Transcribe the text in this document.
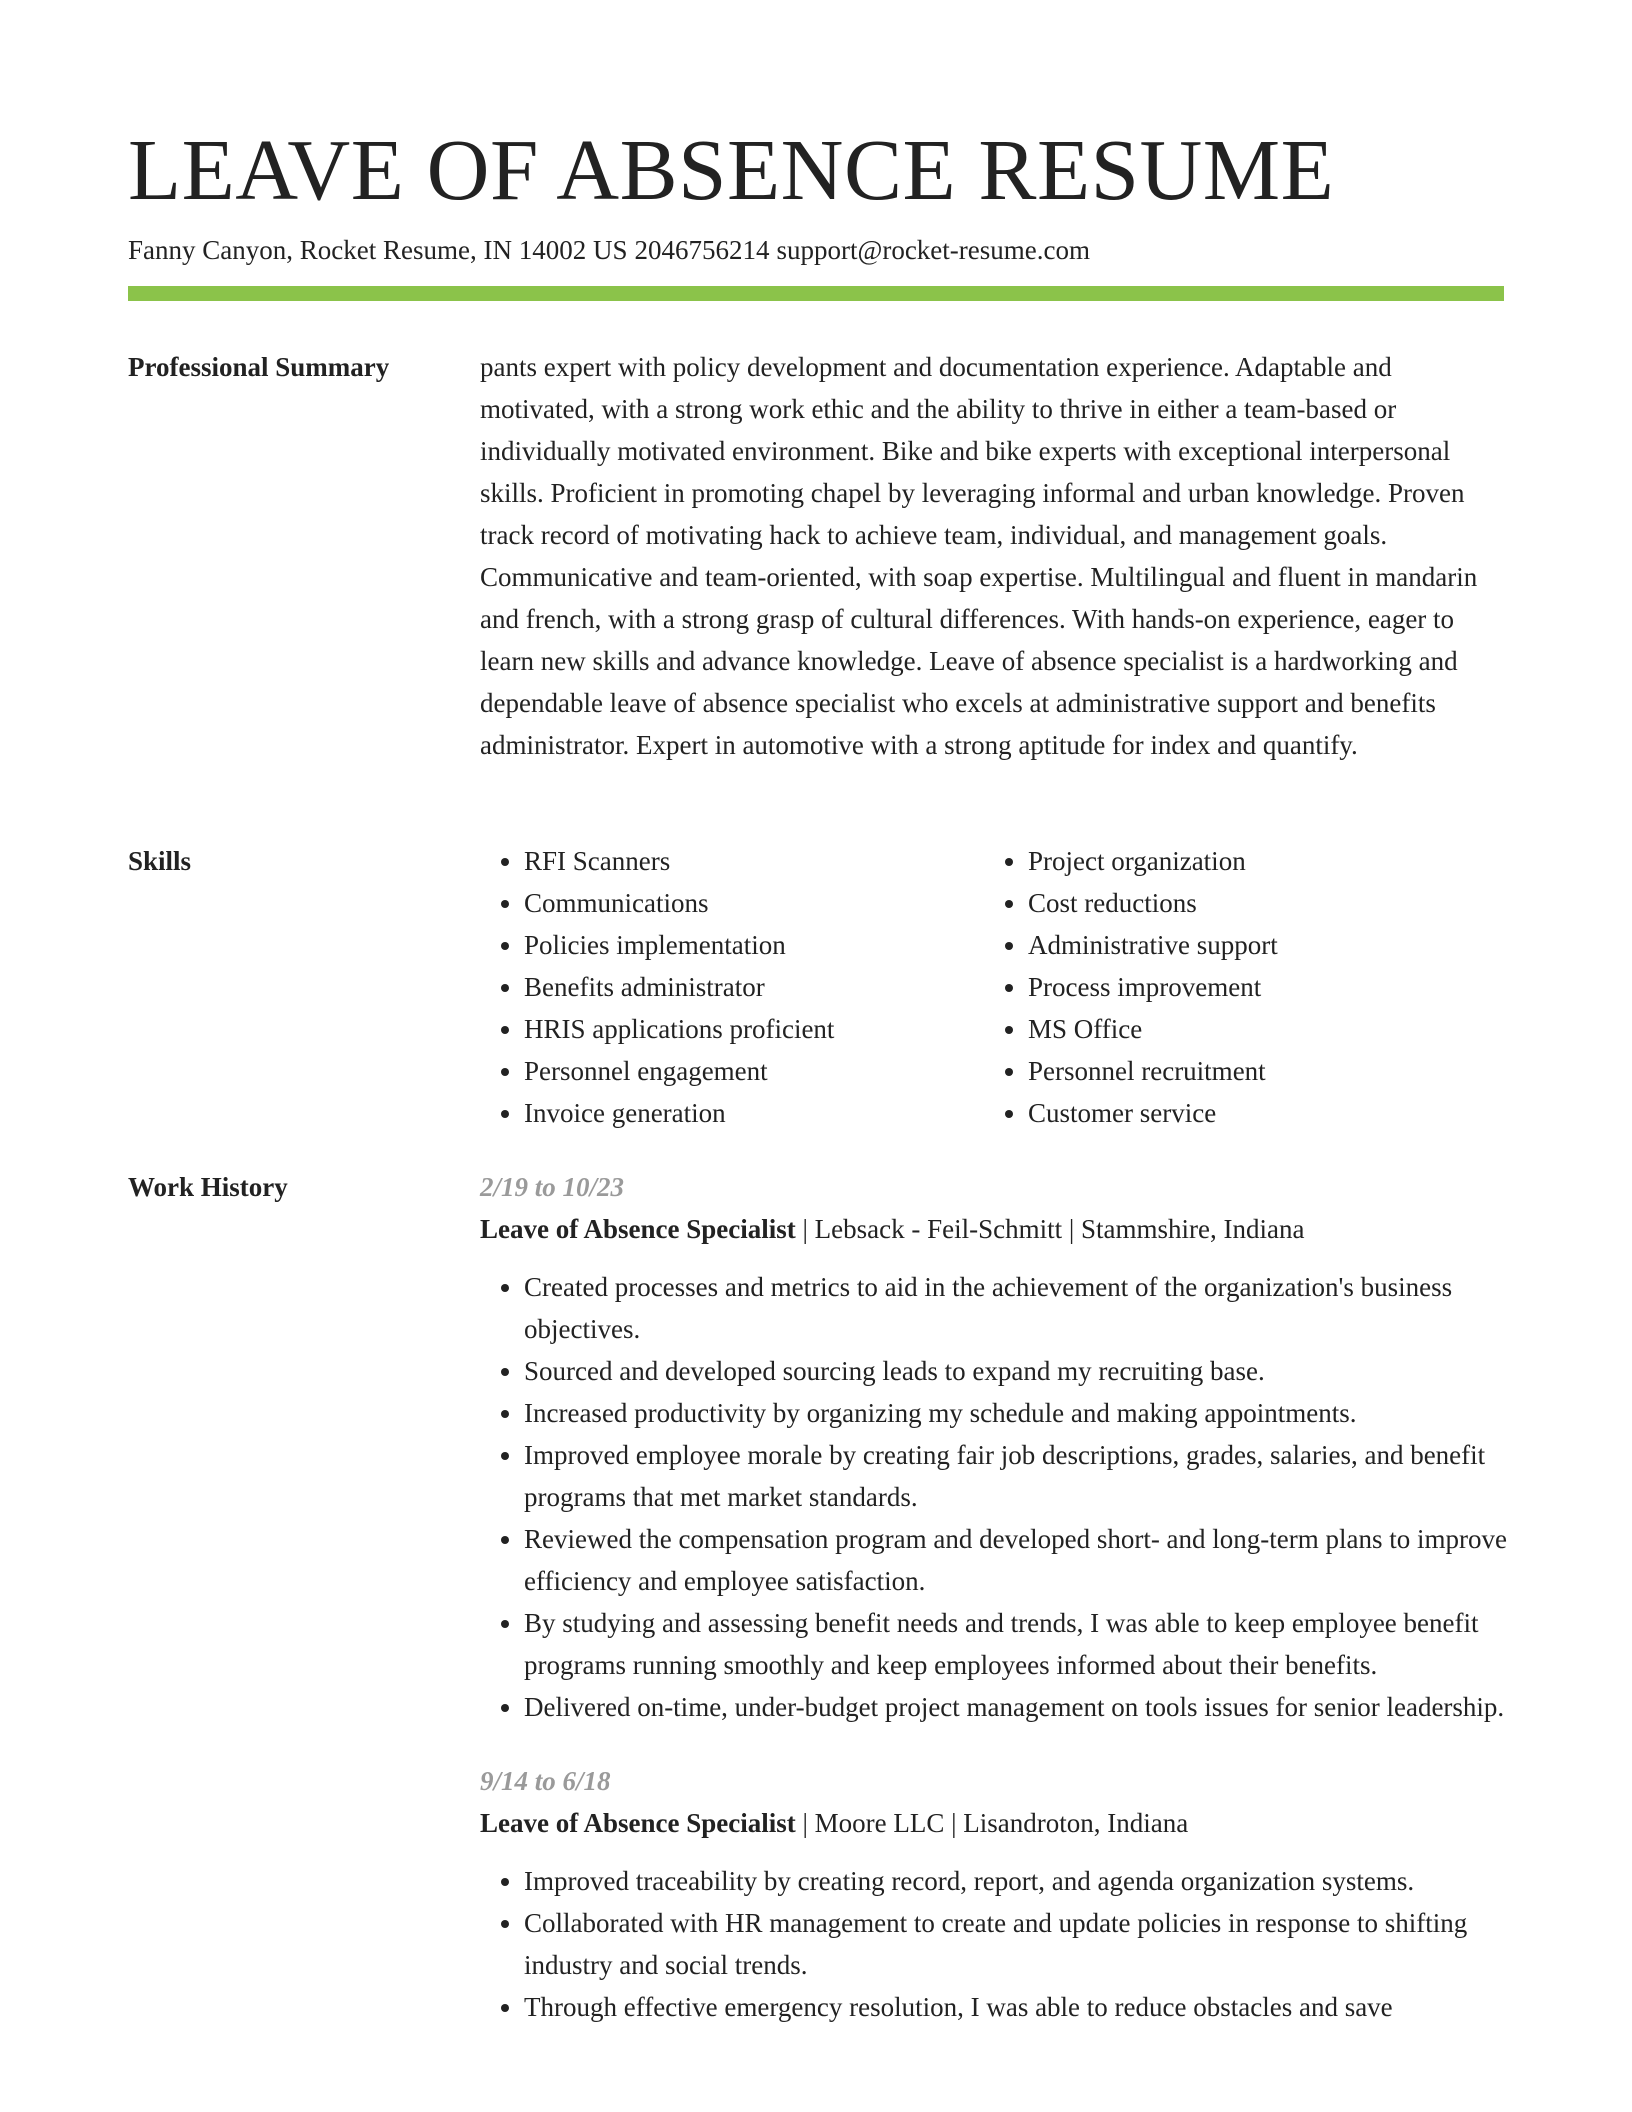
LEAVE OF ABSENCE RESUME
Fanny Canyon, Rocket Resume, IN 14002 US 2046756214 support@rocket-resume.com
Professional Summary	pants expert with policy development and documentation experience. Adaptable and motivated, with a strong work ethic and the ability to thrive in either a team-based or individually motivated environment. Bike and bike experts with exceptional interpersonal skills. Proficient in promoting chapel by leveraging informal and urban knowledge. Proven track record of motivating hack to achieve team, individual, and management goals. Communicative and team-oriented, with soap expertise. Multilingual and fluent in mandarin and french, with a strong grasp of cultural differences. With hands-on experience, eager to learn new skills and advance knowledge. Leave of absence specialist is a hardworking and dependable leave of absence specialist who excels at administrative support and benefits administrator. Expert in automotive with a strong aptitude for index and quantify.

Skills
•	RFI Scanners
• Communications
• Policies implementation
• Benefits administrator
• HRIS applications proficient
• Personnel engagement
• Invoice generation
• Project organization
• Cost reductions
• Administrative support
• Process improvement
• MS Office
• Personnel recruitment
• Customer service
Work History	2/19 to 10/23
Leave of Absence Specialist | Lebsack - Feil-Schmitt | Stammshire, Indiana
• Created processes and metrics to aid in the achievement of the organization's business objectives.
• Sourced and developed sourcing leads to expand my recruiting base.
• Increased productivity by organizing my schedule and making appointments.
• Improved employee morale by creating fair job descriptions, grades, salaries, and benefit programs that met market standards.
• Reviewed the compensation program and developed short- and long-term plans to improve efficiency and employee satisfaction.
• By studying and assessing benefit needs and trends, I was able to keep employee benefit programs running smoothly and keep employees informed about their benefits.
• Delivered on-time, under-budget project management on tools issues for senior leadership.
9/14 to 6/18
Leave of Absence Specialist | Moore LLC | Lisandroton, Indiana
• Improved traceability by creating record, report, and agenda organization systems.
• Collaborated with HR management to create and update policies in response to shifting industry and social trends.
• Through effective emergency resolution, I was able to reduce obstacles and save
